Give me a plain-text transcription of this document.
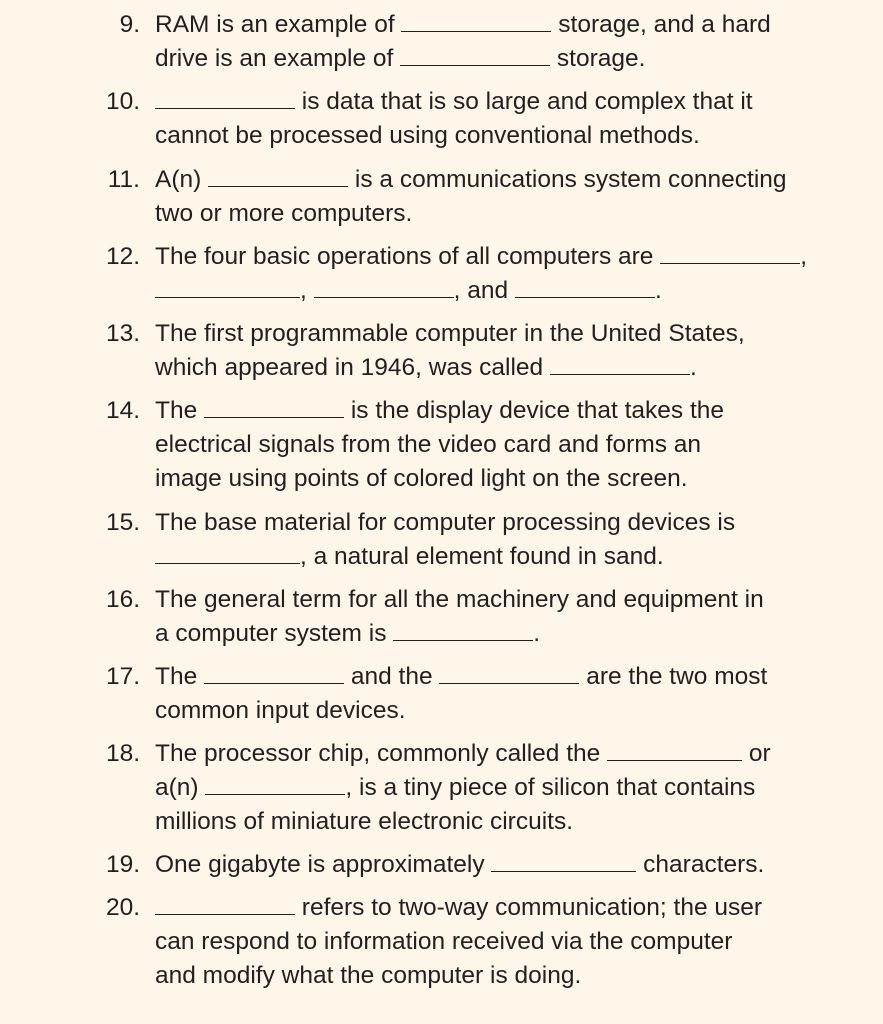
9. RAM is an example of	storage, and a hard
drive is an example of	storage.
10.	is data that is so large and complex that it
cannot be processed using conventional methods.
11. A(n)	is a communications system connecting
two or more computers.
12. The four basic operations of all computers are	,
,	, and	.
13. The first programmable computer in the United States,
which appeared in 1946, was called	.
14. The	is the display device that takes the
electrical signals from the video card and forms an
image using points of colored light on the screen.
15. The base material for computer processing devices is
, a natural element found in sand.
16. The general term for all the machinery and equipment in
a computer system is	.
17. The	and the	are the two most
common input devices.
18. The processor chip, commonly called the	or
a(n)	, is a tiny piece of silicon that contains
millions of miniature electronic circuits.
19. One gigabyte is approximately	characters.
20.	refers to two-way communication; the user
can respond to information received via the computer
and modify what the computer is doing.
